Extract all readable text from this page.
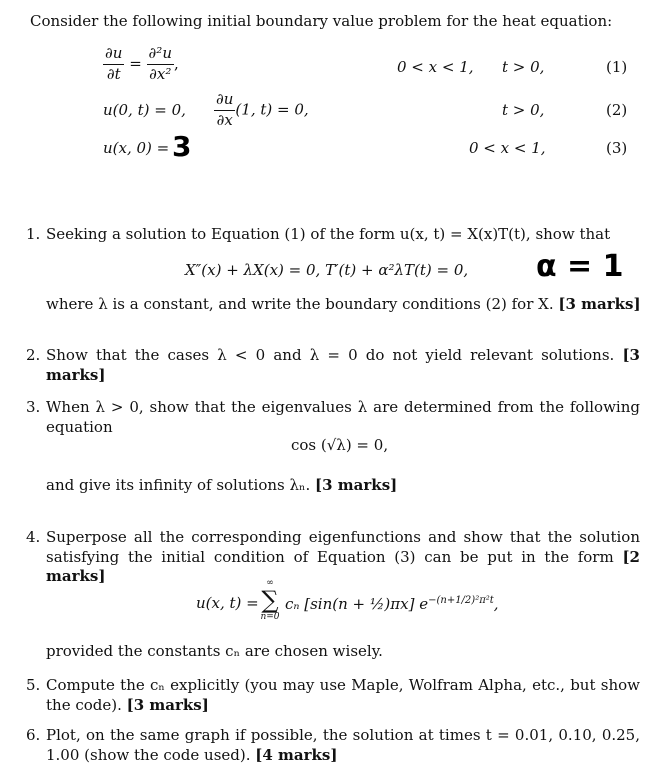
Consider the following initial boundary value problem for the heat equation:
$\frac{\partial u}{\partial t} = \frac{\text{∂²u}}{\text{∂x²}}$ ,	0 < x < 1, t > 0,	(1)
u(0, t) = 0, $\frac{\partial u}{\partial x} (1$, t) = 0,	t > 0,	(2)
u(x, 0) = 3	0 < x < 1,	(3)
1. Seeking a solution to Equation (1) of the form u(x, t) = X(x)T(t), show that
X″(x) + λX(x) = 0, T′(t) + α²λT(t) = 0, α = 1
where λ is a constant, and write the boundary conditions (2) for X. [3 marks]
2. Show that the cases λ < 0 and λ = 0 do not yield relevant solutions. [3 marks]
3. When λ > 0, show that the eigenvalues λ are determined from the following equation
cos (√λ) = 0,
and give its infinity of solutions λₙ. [3 marks]
4. Superpose all the corresponding eigenfunctions and show that the solution satisfying the initial condition of Equation (3) can be put in the form [2 marks]
u(x, t) =
∞
∑
n=0
cₙ [sin(n + ½)πx] $e^{-(n+1/2)^2\pi^2t}$,
provided the constants cₙ are chosen wisely.
5. Compute the cₙ explicitly (you may use Maple, Wolfram Alpha, etc., but show the code). [3 marks]
6. Plot, on the same graph if possible, the solution at times t = 0.01, 0.10, 0.25, 1.00 (show the code used). [4 marks]
